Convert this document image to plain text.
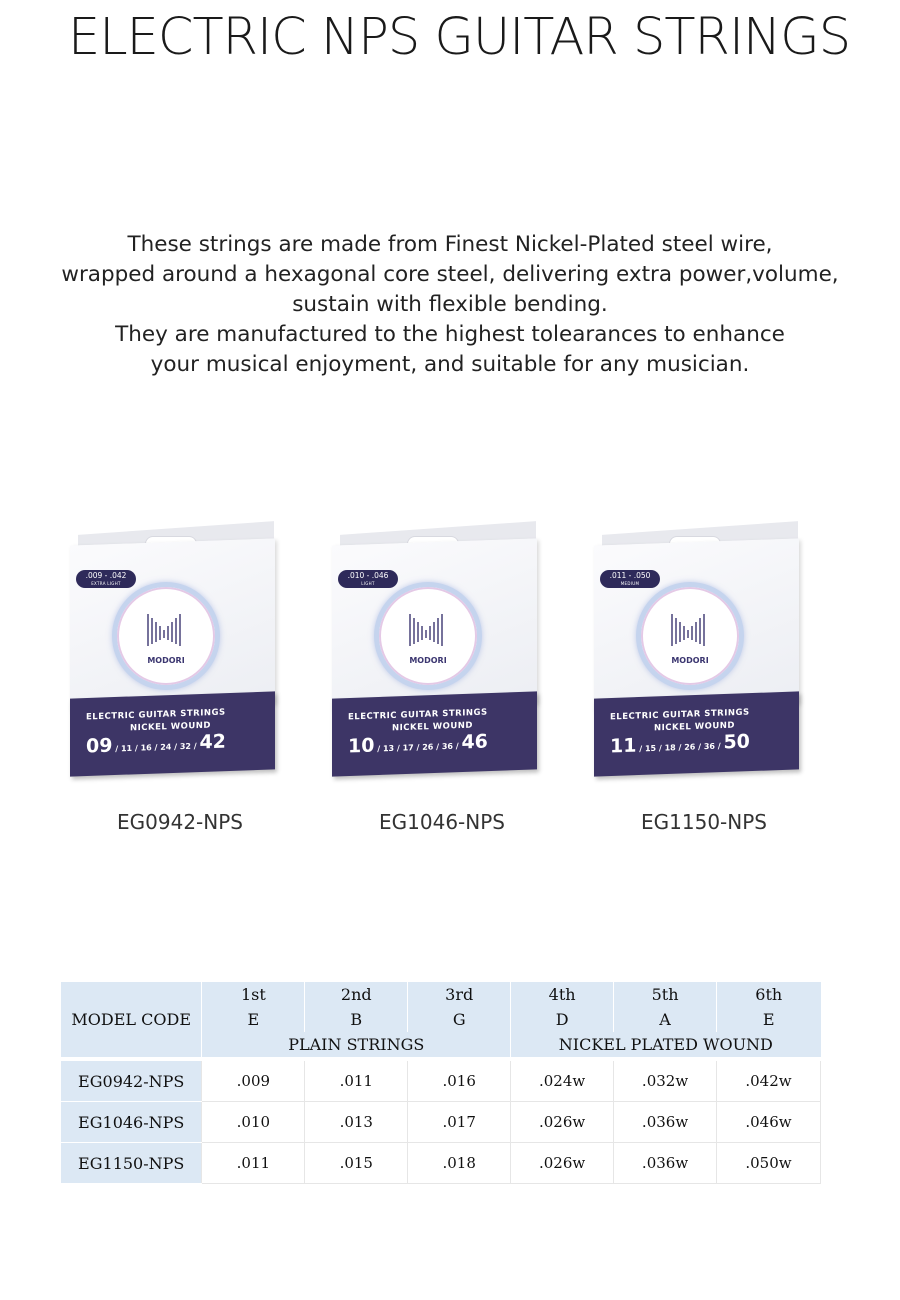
ELECTRIC NPS GUITAR STRINGS
These strings are made from Finest Nickel-Plated steel wire,
wrapped around a hexagonal core steel, delivering extra power,volume,
sustain with flexible bending.
They are manufactured to the highest tolearances to enhance
your musical enjoyment, and suitable for any musician.
.009 - .042
EXTRA LIGHT
MODORI
ELECTRIC GUITAR STRINGS
NICKEL WOUND
09 / 11 / 16 / 24 / 32 / 42
EG0942-NPS
.010 - .046
LIGHT
MODORI
ELECTRIC GUITAR STRINGS
NICKEL WOUND
10 / 13 / 17 / 26 / 36 / 46
EG1046-NPS
.011 - .050
MEDIUM
MODORI
ELECTRIC GUITAR STRINGS
NICKEL WOUND
11 / 15 / 18 / 26 / 36 / 50
EG1150-NPS
MODEL CODE	1st	2nd	3rd	4th	5th	6th
	E	B	G	D	A	E
	PLAIN STRINGS			NICKEL PLATED WOUND		

EG0942-NPS	.009	.011	.016	.024w	.032w	.042w
EG1046-NPS	.010	.013	.017	.026w	.036w	.046w
EG1150-NPS	.011	.015	.018	.026w	.036w	.050w
